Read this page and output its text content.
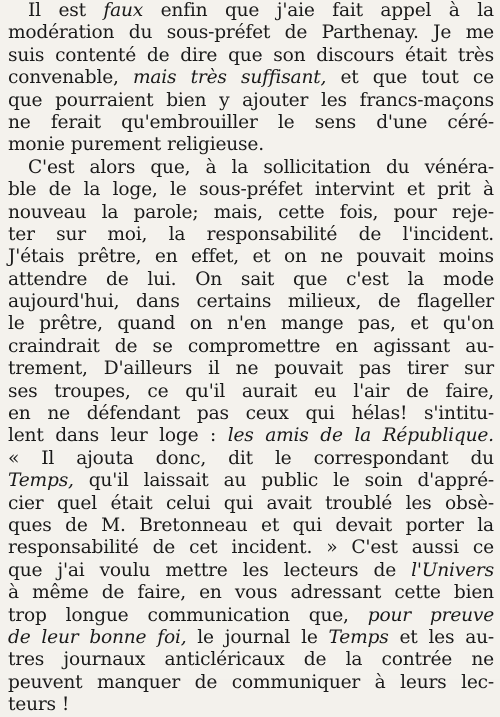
Il est faux enfin que j'aie fait appel à la
modération du sous-préfet de Parthenay. Je me
suis contenté de dire que son discours était très
convenable, mais très suffisant, et que tout ce
que pourraient bien y ajouter les francs-maçons
ne ferait qu'embrouiller le sens d'une céré-
monie purement religieuse.
C'est alors que, à la sollicitation du vénéra-
ble de la loge, le sous-préfet intervint et prit à
nouveau la parole; mais, cette fois, pour reje-
ter sur moi, la responsabilité de l'incident.
J'étais prêtre, en effet, et on ne pouvait moins
attendre de lui. On sait que c'est la mode
aujourd'hui, dans certains milieux, de flageller
le prêtre, quand on n'en mange pas, et qu'on
craindrait de se compromettre en agissant au-
trement, D'ailleurs il ne pouvait pas tirer sur
ses troupes, ce qu'il aurait eu l'air de faire,
en ne défendant pas ceux qui hélas! s'intitu-
lent dans leur loge : les amis de la République.
« Il ajouta donc, dit le correspondant du
Temps, qu'il laissait au public le soin d'appré-
cier quel était celui qui avait troublé les obsè-
ques de M. Bretonneau et qui devait porter la
responsabilité de cet incident. » C'est aussi ce
que j'ai voulu mettre les lecteurs de l'Univers
à même de faire, en vous adressant cette bien
trop longue communication que, pour preuve
de leur bonne foi, le journal le Temps et les au-
tres journaux anticléricaux de la contrée ne
peuvent manquer de communiquer à leurs lec-
teurs !
